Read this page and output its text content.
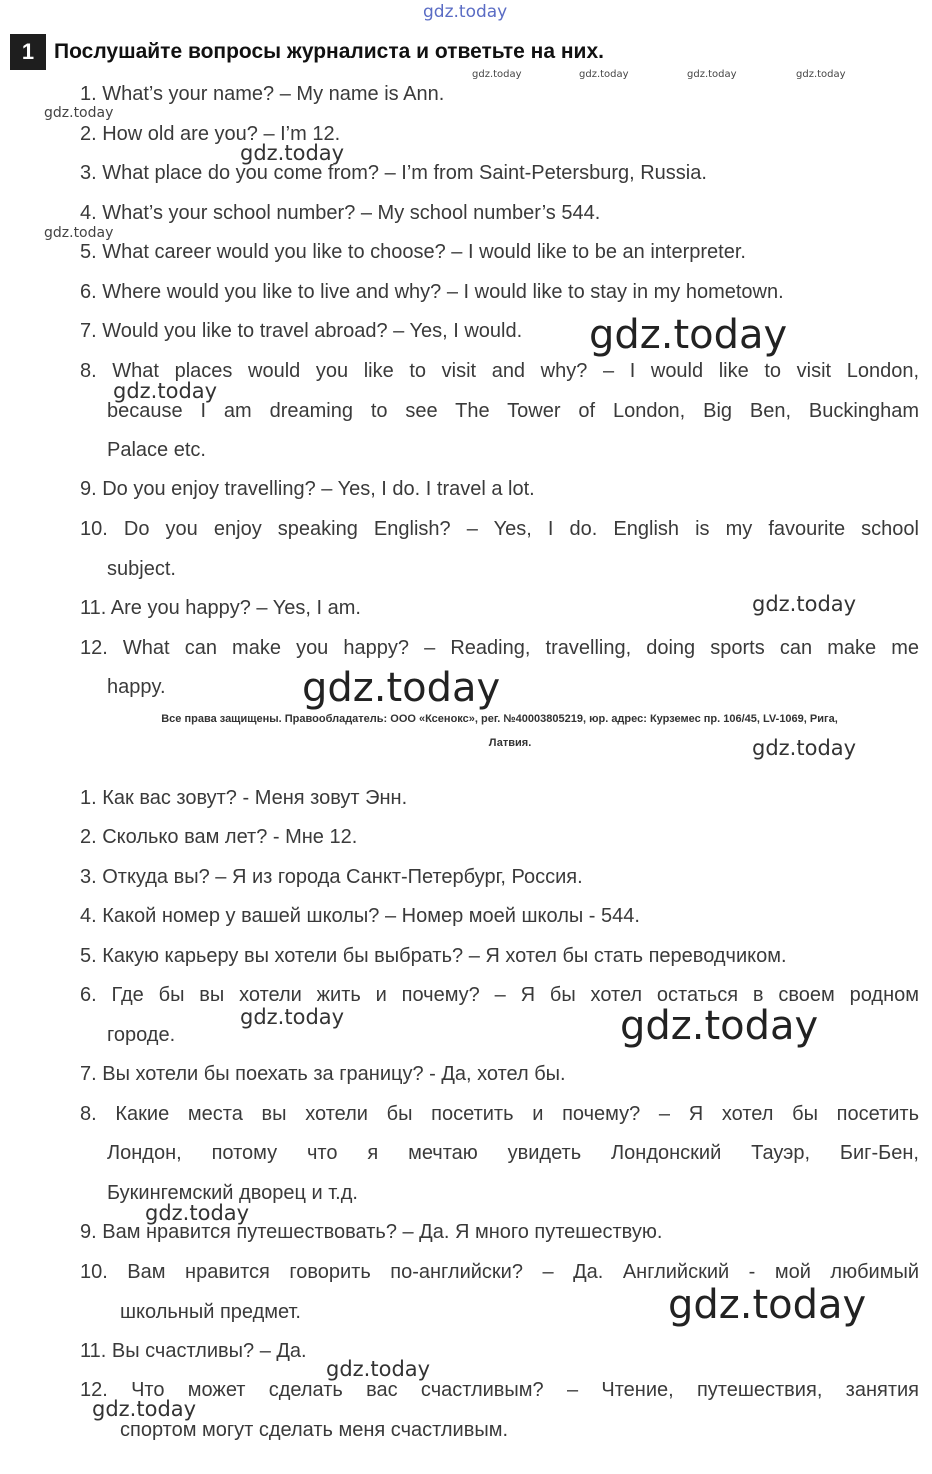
gdz.today
1 Послушайте вопросы журналиста и ответьте на них.
gdz.today	gdz.today	gdz.today	gdz.today
gdz.today
gdz.today
1. What’s your name? – My name is Ann.
2. How old are you? – I’m 12.
3. What place do you come from? – I’m from Saint-Petersburg, Russia.
4. What’s your school number? – My school number’s 544.
5. What career would you like to choose? – I would like to be an interpreter.
6. Where would you like to live and why? – I would like to stay in my hometown.
7. Would you like to travel abroad? – Yes, I would.
8. What places would you like to visit and why? – I would like to visit London,
because I am dreaming to see The Tower of London, Big Ben, Buckingham
Palace etc.
9. Do you enjoy travelling? – Yes, I do. I travel a lot.
10. Do you enjoy speaking English? – Yes, I do. English is my favourite school
subject.
11. Are you happy? – Yes, I am.
12. What can make you happy? – Reading, travelling, doing sports can make me
happy.
gdz.today
gdz.today
gdz.today
gdz.today
gdz.today
gdz.today
Все права защищены. Правообладатель: ООО «Ксенокс», рег. №40003805219, юр. адрес: Курземес пр. 106/45, LV-1069, Рига,
Латвия.
1. Как вас зовут? - Меня зовут Энн.
2. Сколько вам лет? - Мне 12.
3. Откуда вы? – Я из города Санкт-Петербург, Россия.
4. Какой номер у вашей школы? – Номер моей школы - 544.
5. Какую карьеру вы хотели бы выбрать? – Я хотел бы стать переводчиком.
6. Где бы вы хотели жить и почему? – Я бы хотел остаться в своем родном
городе.
7. Вы хотели бы поехать за границу? - Да, хотел бы.
8. Какие места вы хотели бы посетить и почему? – Я хотел бы посетить
Лондон, потому что я мечтаю увидеть Лондонский Тауэр, Биг-Бен,
Букингемский дворец и т.д.
9. Вам нравится путешествовать? – Да. Я много путешествую.
10. Вам нравится говорить по-английски? – Да. Английский - мой любимый
школьный предмет.
11. Вы счастливы? – Да.
12. Что может сделать вас счастливым? – Чтение, путешествия, занятия
спортом могут сделать меня счастливым.
gdz.today	gdz.today
gdz.today
gdz.today
gdz.today
gdz.today
